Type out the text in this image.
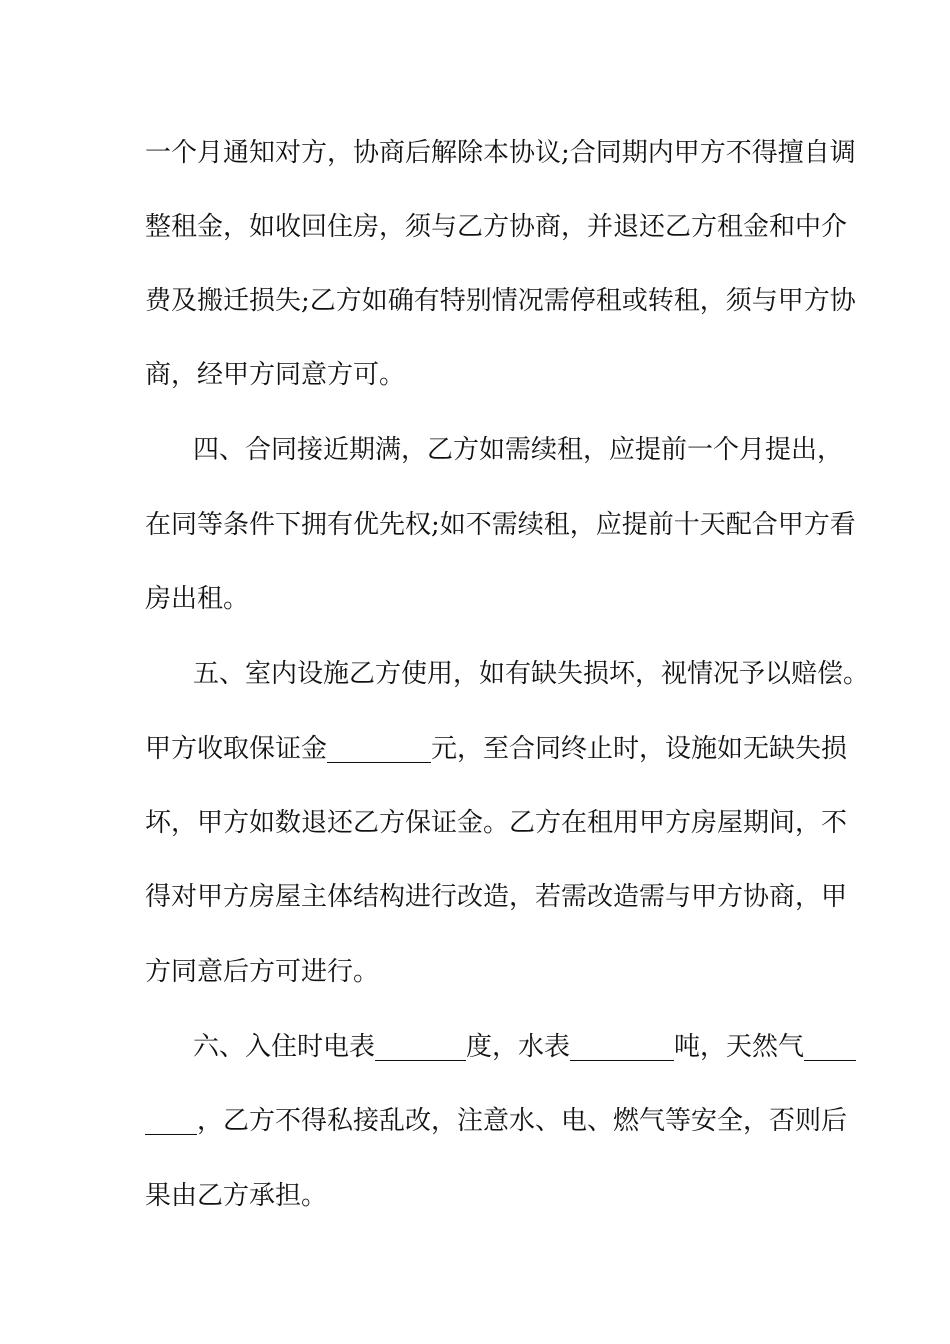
一个月通知对方，协商后解除本协议;合同期内甲方不得擅自调
整租金，如收回住房，须与乙方协商，并退还乙方租金和中介
费及搬迁损失;乙方如确有特别情况需停租或转租，须与甲方协
商，经甲方同意方可。
四、合同接近期满，乙方如需续租，应提前一个月提出，
在同等条件下拥有优先权;如不需续租，应提前十天配合甲方看
房出租。
五、室内设施乙方使用，如有缺失损坏，视情况予以赔偿。
甲方收取保证金________元，至合同终止时，设施如无缺失损
坏，甲方如数退还乙方保证金。乙方在租用甲方房屋期间，不
得对甲方房屋主体结构进行改造，若需改造需与甲方协商，甲
方同意后方可进行。
六、入住时电表_______度，水表________吨，天然气____
____，乙方不得私接乱改，注意水、电、燃气等安全，否则后
果由乙方承担。
